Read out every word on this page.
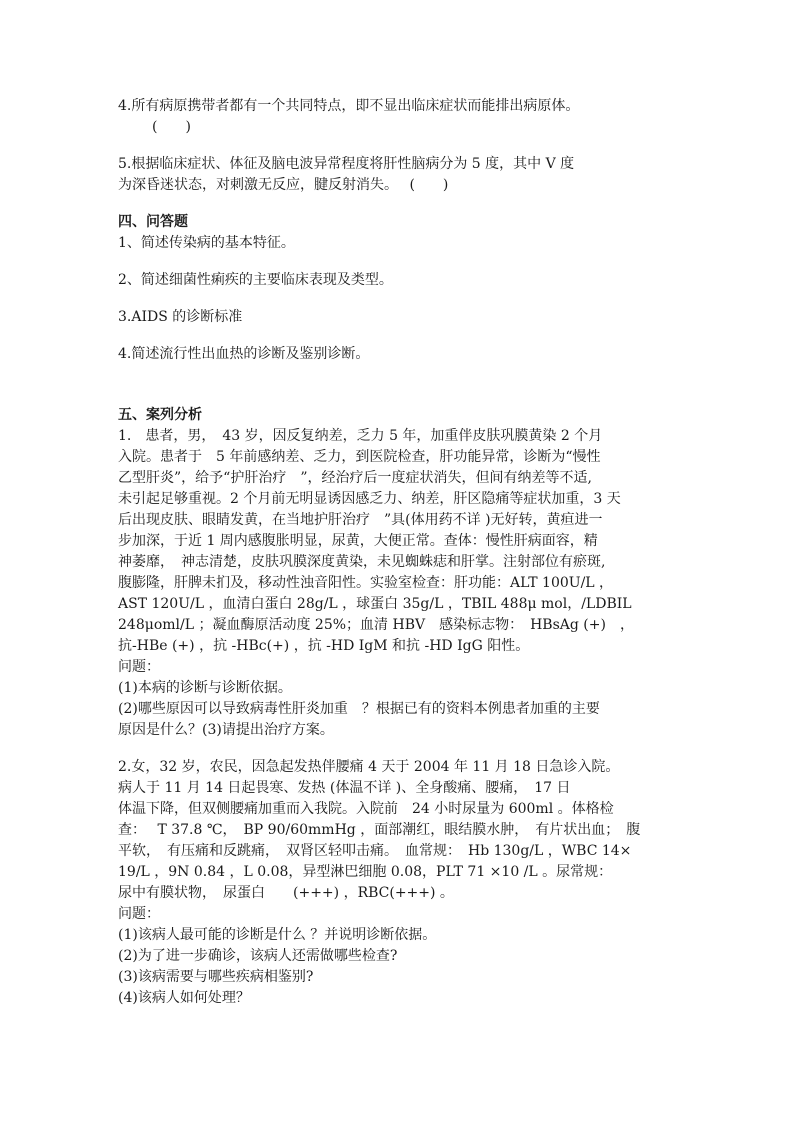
4.所有病原携带者都有一个共同特点，即不显出临床症状而能排出病原体。
(　　)
5.根据临床症状、体征及脑电波异常程度将肝性脑病分为 5 度，其中 V 度
为深昏迷状态，对刺激无反应，腱反射消失。　 (　　)
四、问答题
1、简述传染病的基本特征。
2、简述细菌性痢疾的主要临床表现及类型。
3.AIDS 的诊断标准
4.简述流行性出血热的诊断及鉴别诊断。
五、案列分析
1.　患者，男，　43 岁，因反复纳差，乏力 5 年，加重伴皮肤巩膜黄染 2 个月
入院。患者于　5 年前感纳差、乏力，到医院检查，肝功能异常，诊断为“慢性
乙型肝炎”，给予“护肝治疗　”，经治疗后一度症状消失，但间有纳差等不适,
未引起足够重视。2 个月前无明显诱因感乏力、纳差，肝区隐痛等症状加重，3 天
后出现皮肤、眼睛发黄，在当地护肝治疗　”具(体用药不详 )无好转，黄疸进一
步加深，于近 1 周内感腹胀明显，尿黄，大便正常。查体：慢性肝病面容，精
神萎靡，　神志清楚，皮肤巩膜深度黄染，未见蜘蛛痣和肝掌。注射部位有瘀斑,
腹膨隆，肝脾未扪及，移动性浊音阳性。实验室检查：肝功能：ALT 100U/L ，
AST 120U/L ，血清白蛋白 28g/L ，球蛋白 35g/L ，TBIL 488μ mol，/LDBIL
248μoml/L ；凝血酶原活动度 25%；血清 HBV　感染标志物：　HBsAg (+)　，
抗-HBe (+) ，抗 -HBc(+) ，抗 -HD IgM 和抗 -HD IgG 阳性。
问题：
(1)本病的诊断与诊断依据。
(2)哪些原因可以导致病毒性肝炎加重　？根据已有的资料本例患者加重的主要
原因是什么？(3)请提出治疗方案。
2.女，32 岁，农民，因急起发热伴腰痛 4 天于 2004 年 11 月 18 日急诊入院。
病人于 11 月 14 日起畏寒、发热 (体温不详 )、全身酸痛、腰痛，　17 日
体温下降，但双侧腰痛加重而入我院。入院前　24 小时尿量为 600ml 。体格检
查：　 T 37.8 ℃，　BP 90/60mmHg ，面部潮红，眼结膜水肿，　有片状出血；　腹
平软，　有压痛和反跳痛，　双肾区轻叩击痛。　血常规：　Hb 130g/L ，WBC 14×
19/L ，9N 0.84 ，L 0.08，异型淋巴细胞 0.08，PLT 71 ×10 /L 。尿常规：
尿中有膜状物，　尿蛋白　　(+++) ，RBC(+++) 。
问题：
(1)该病人最可能的诊断是什么 ？并说明诊断依据。
(2)为了进一步确诊，该病人还需做哪些检查?
(3)该病需要与哪些疾病相鉴别?
(4)该病人如何处理？
